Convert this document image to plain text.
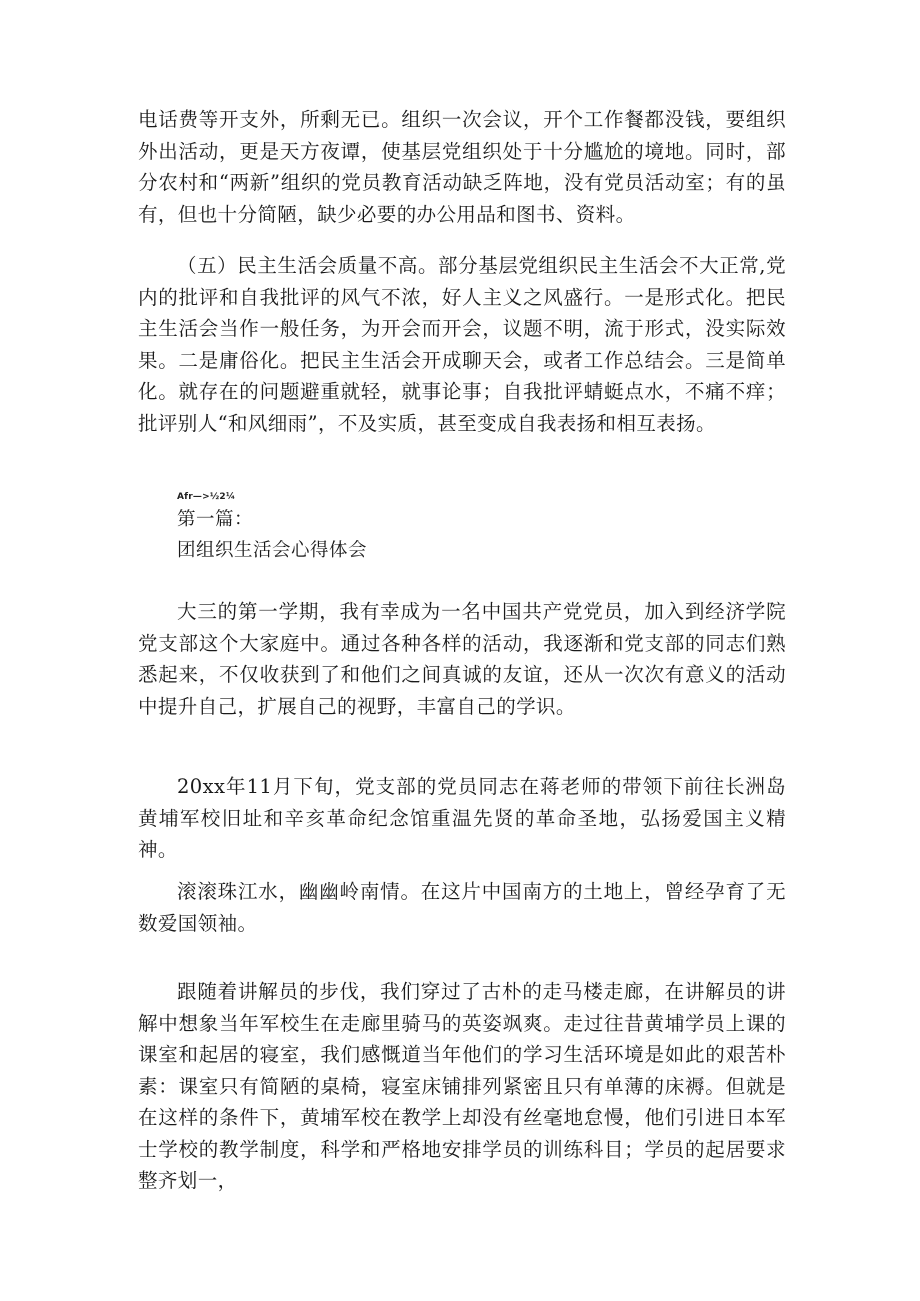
电话费等开支外，所剩无已。组织一次会议，开个工作餐都没钱，要组织外出活动，更是天方夜谭，使基层党组织处于十分尴尬的境地。同时，部分农村和“两新”组织的党员教育活动缺乏阵地，没有党员活动室；有的虽有，但也十分简陋，缺少必要的办公用品和图书、资料。

（五）民主生活会质量不高。部分基层党组织民主生活会不大正常,党内的批评和自我批评的风气不浓，好人主义之风盛行。一是形式化。把民主生活会当作一般任务，为开会而开会，议题不明，流于形式，没实际效果。二是庸俗化。把民主生活会开成聊天会，或者工作总结会。三是简单化。就存在的问题避重就轻，就事论事；自我批评蜻蜓点水，不痛不痒；批评别人“和风细雨”，不及实质，甚至变成自我表扬和相互表扬。

Afr—>½2¼

第一篇：

团组织生活会心得体会

大三的第一学期，我有幸成为一名中国共产党党员，加入到经济学院党支部这个大家庭中。通过各种各样的活动，我逐渐和党支部的同志们熟悉起来，不仅收获到了和他们之间真诚的友谊，还从一次次有意义的活动中提升自己，扩展自己的视野，丰富自己的学识。

20xx年11月下旬，党支部的党员同志在蒋老师的带领下前往长洲岛黄埔军校旧址和辛亥革命纪念馆重温先贤的革命圣地，弘扬爱国主义精神。

滚滚珠江水，幽幽岭南情。在这片中国南方的土地上，曾经孕育了无数爱国领袖。

跟随着讲解员的步伐，我们穿过了古朴的走马楼走廊，在讲解员的讲解中想象当年军校生在走廊里骑马的英姿飒爽。走过往昔黄埔学员上课的课室和起居的寝室，我们感慨道当年他们的学习生活环境是如此的艰苦朴素：课室只有简陋的桌椅，寝室床铺排列紧密且只有单薄的床褥。但就是在这样的条件下，黄埔军校在教学上却没有丝毫地怠慢，他们引进日本军士学校的教学制度，科学和严格地安排学员的训练科目；学员的起居要求整齐划一，
